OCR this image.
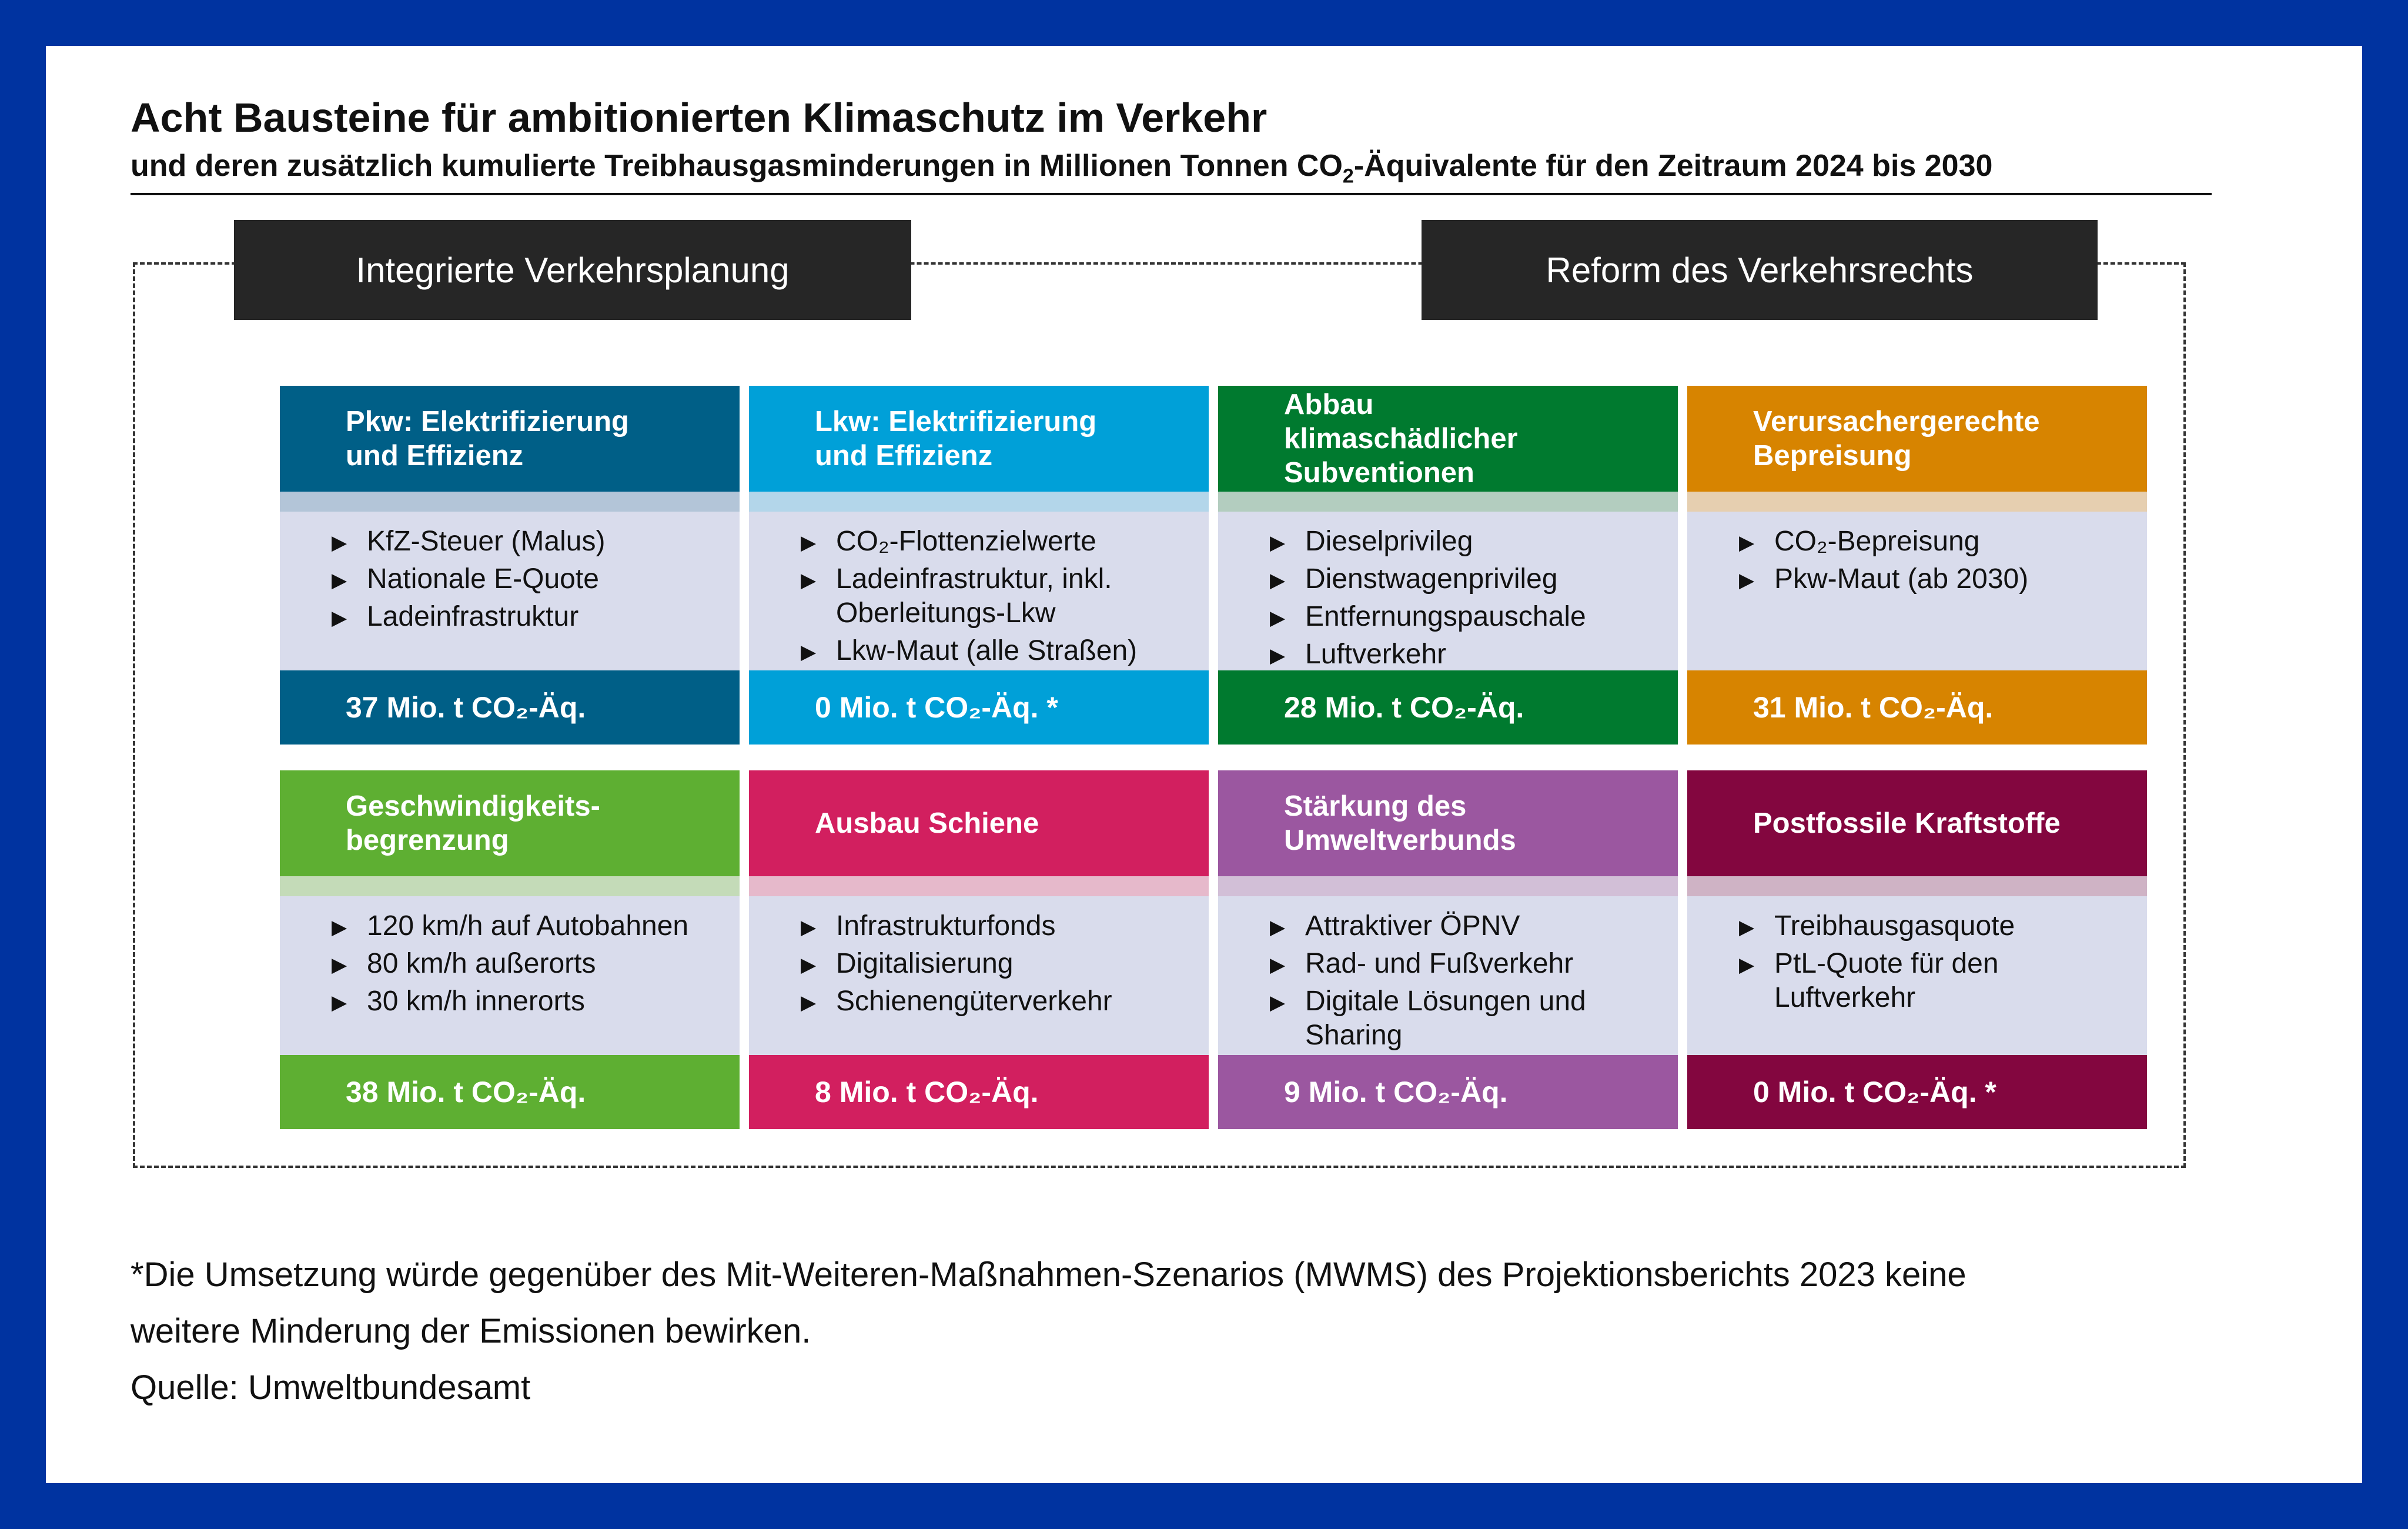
Acht Bausteine für ambitionierten Klimaschutz im Verkehr
und deren zusätzlich kumulierte Treibhausgasminderungen in Millionen Tonnen $CO_2$-Äquivalente für den Zeitraum 2024 bis 2030
Integrierte Verkehrsplanung	Reform des Verkehrsrechts
Pkw: Elektrifizierung und Effizienz
▶ KfZ-Steuer (Malus)
▶ Nationale E-Quote
▶ Ladeinfrastruktur
37 Mio. t CO₂-Äq.
Lkw: Elektrifizierung und Effizienz
▶ CO₂-Flottenzielwerte
▶ Ladeinfrastruktur, inkl. Oberleitungs-Lkw
▶ Lkw-Maut (alle Straßen)
0 Mio. t CO₂-Äq. *
Abbau klimaschädlicher Subventionen
▶ Dieselprivileg
▶ Dienstwagenprivileg
▶ Entfernungspauschale
▶ Luftverkehr
28 Mio. t CO₂-Äq.
Verursachergerechte Bepreisung
▶ CO₂-Bepreisung
▶ Pkw-Maut (ab 2030)
31 Mio. t CO₂-Äq.
Geschwindigkeits-begrenzung
▶ 120 km/h auf Autobahnen
▶ 80 km/h außerorts
▶ 30 km/h innerorts
38 Mio. t CO₂-Äq.
Ausbau Schiene
▶ Infrastrukturfonds
▶ Digitalisierung
▶ Schienengüterverkehr
8 Mio. t CO₂-Äq.
Stärkung des Umweltverbunds
▶ Attraktiver ÖPNV
▶ Rad- und Fußverkehr
▶ Digitale Lösungen und Sharing
9 Mio. t CO₂-Äq.
Postfossile Kraftstoffe
▶ Treibhausgasquote
▶ PtL-Quote für den Luftverkehr
0 Mio. t CO₂-Äq. *
*Die Umsetzung würde gegenüber des Mit-Weiteren-Maßnahmen-Szenarios (MWMS) des Projektionsberichts 2023 keine
weitere Minderung der Emissionen bewirken.
Quelle: Umweltbundesamt
